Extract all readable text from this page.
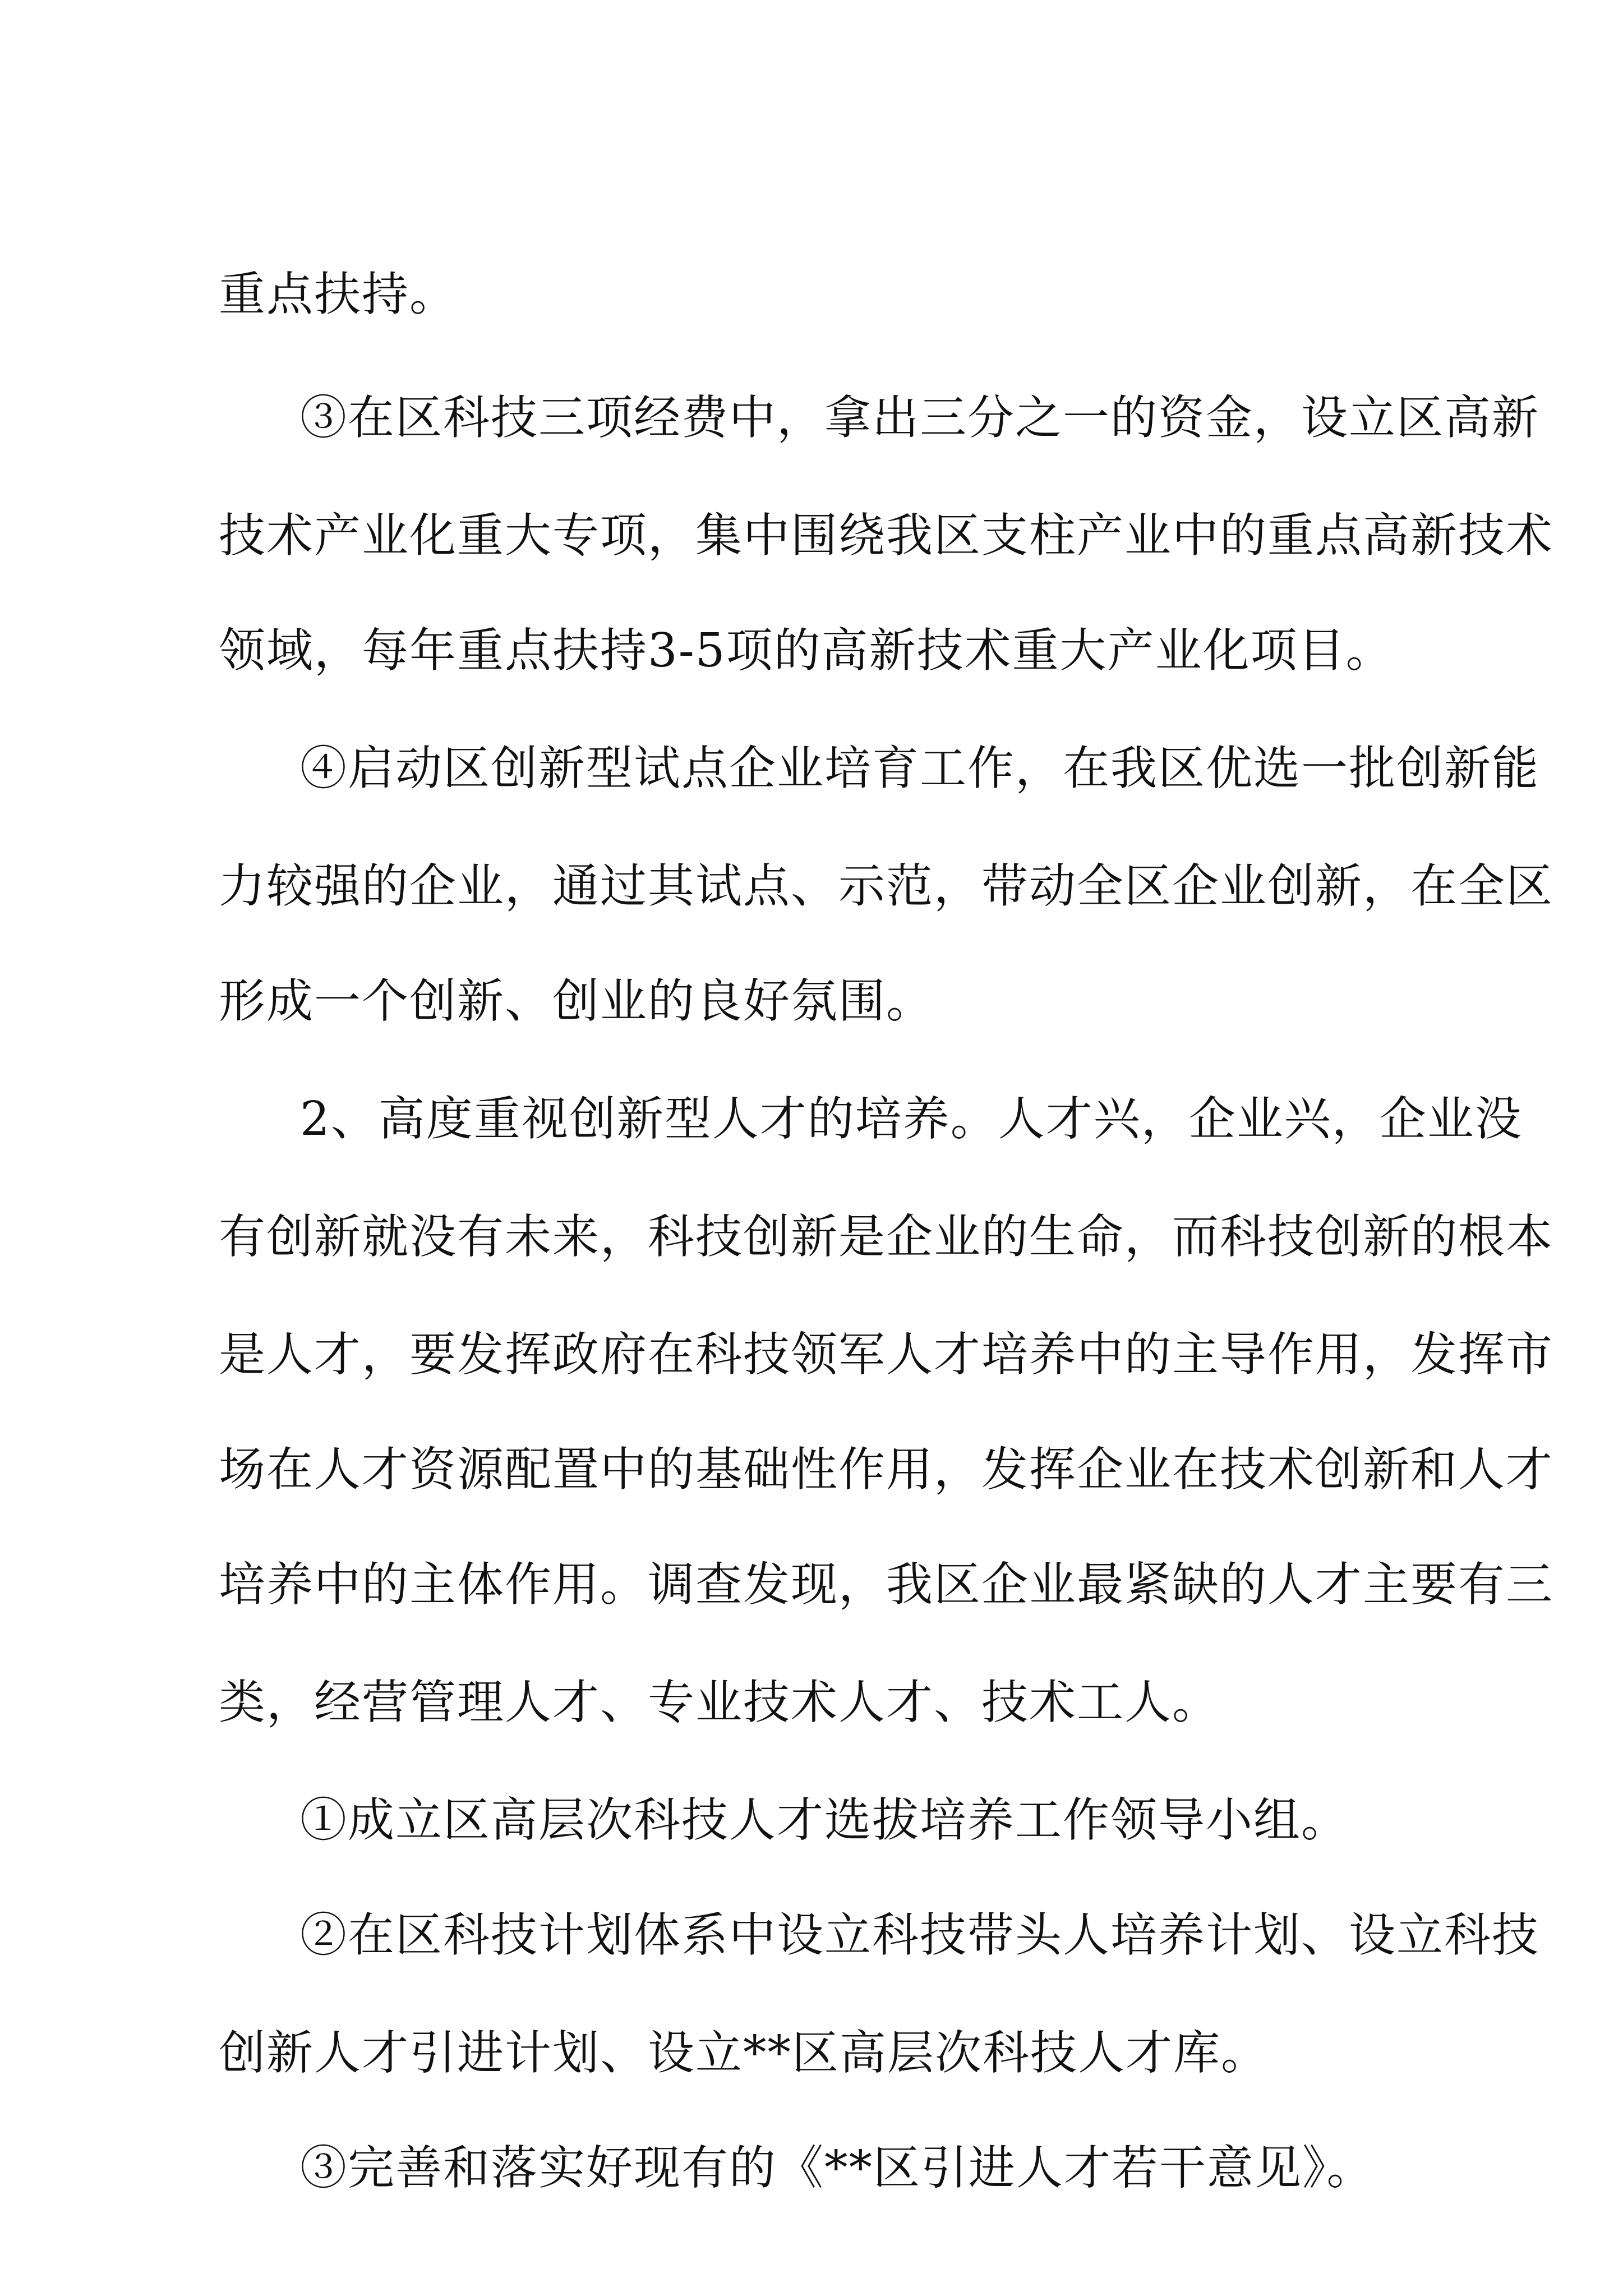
重点扶持。
③在区科技三项经费中，拿出三分之一的资金，设立区高新
技术产业化重大专项，集中围绕我区支柱产业中的重点高新技术
领域，每年重点扶持3-5项的高新技术重大产业化项目。
④启动区创新型试点企业培育工作，在我区优选一批创新能
力较强的企业，通过其试点、示范，带动全区企业创新，在全区
形成一个创新、创业的良好氛围。
2、高度重视创新型人才的培养。人才兴，企业兴，企业没
有创新就没有未来，科技创新是企业的生命，而科技创新的根本
是人才，要发挥政府在科技领军人才培养中的主导作用，发挥市
场在人才资源配置中的基础性作用，发挥企业在技术创新和人才
培养中的主体作用。调查发现，我区企业最紧缺的人才主要有三
类，经营管理人才、专业技术人才、技术工人。
①成立区高层次科技人才选拔培养工作领导小组。
②在区科技计划体系中设立科技带头人培养计划、设立科技
创新人才引进计划、设立**区高层次科技人才库。
③完善和落实好现有的《**区引进人才若干意见》。
